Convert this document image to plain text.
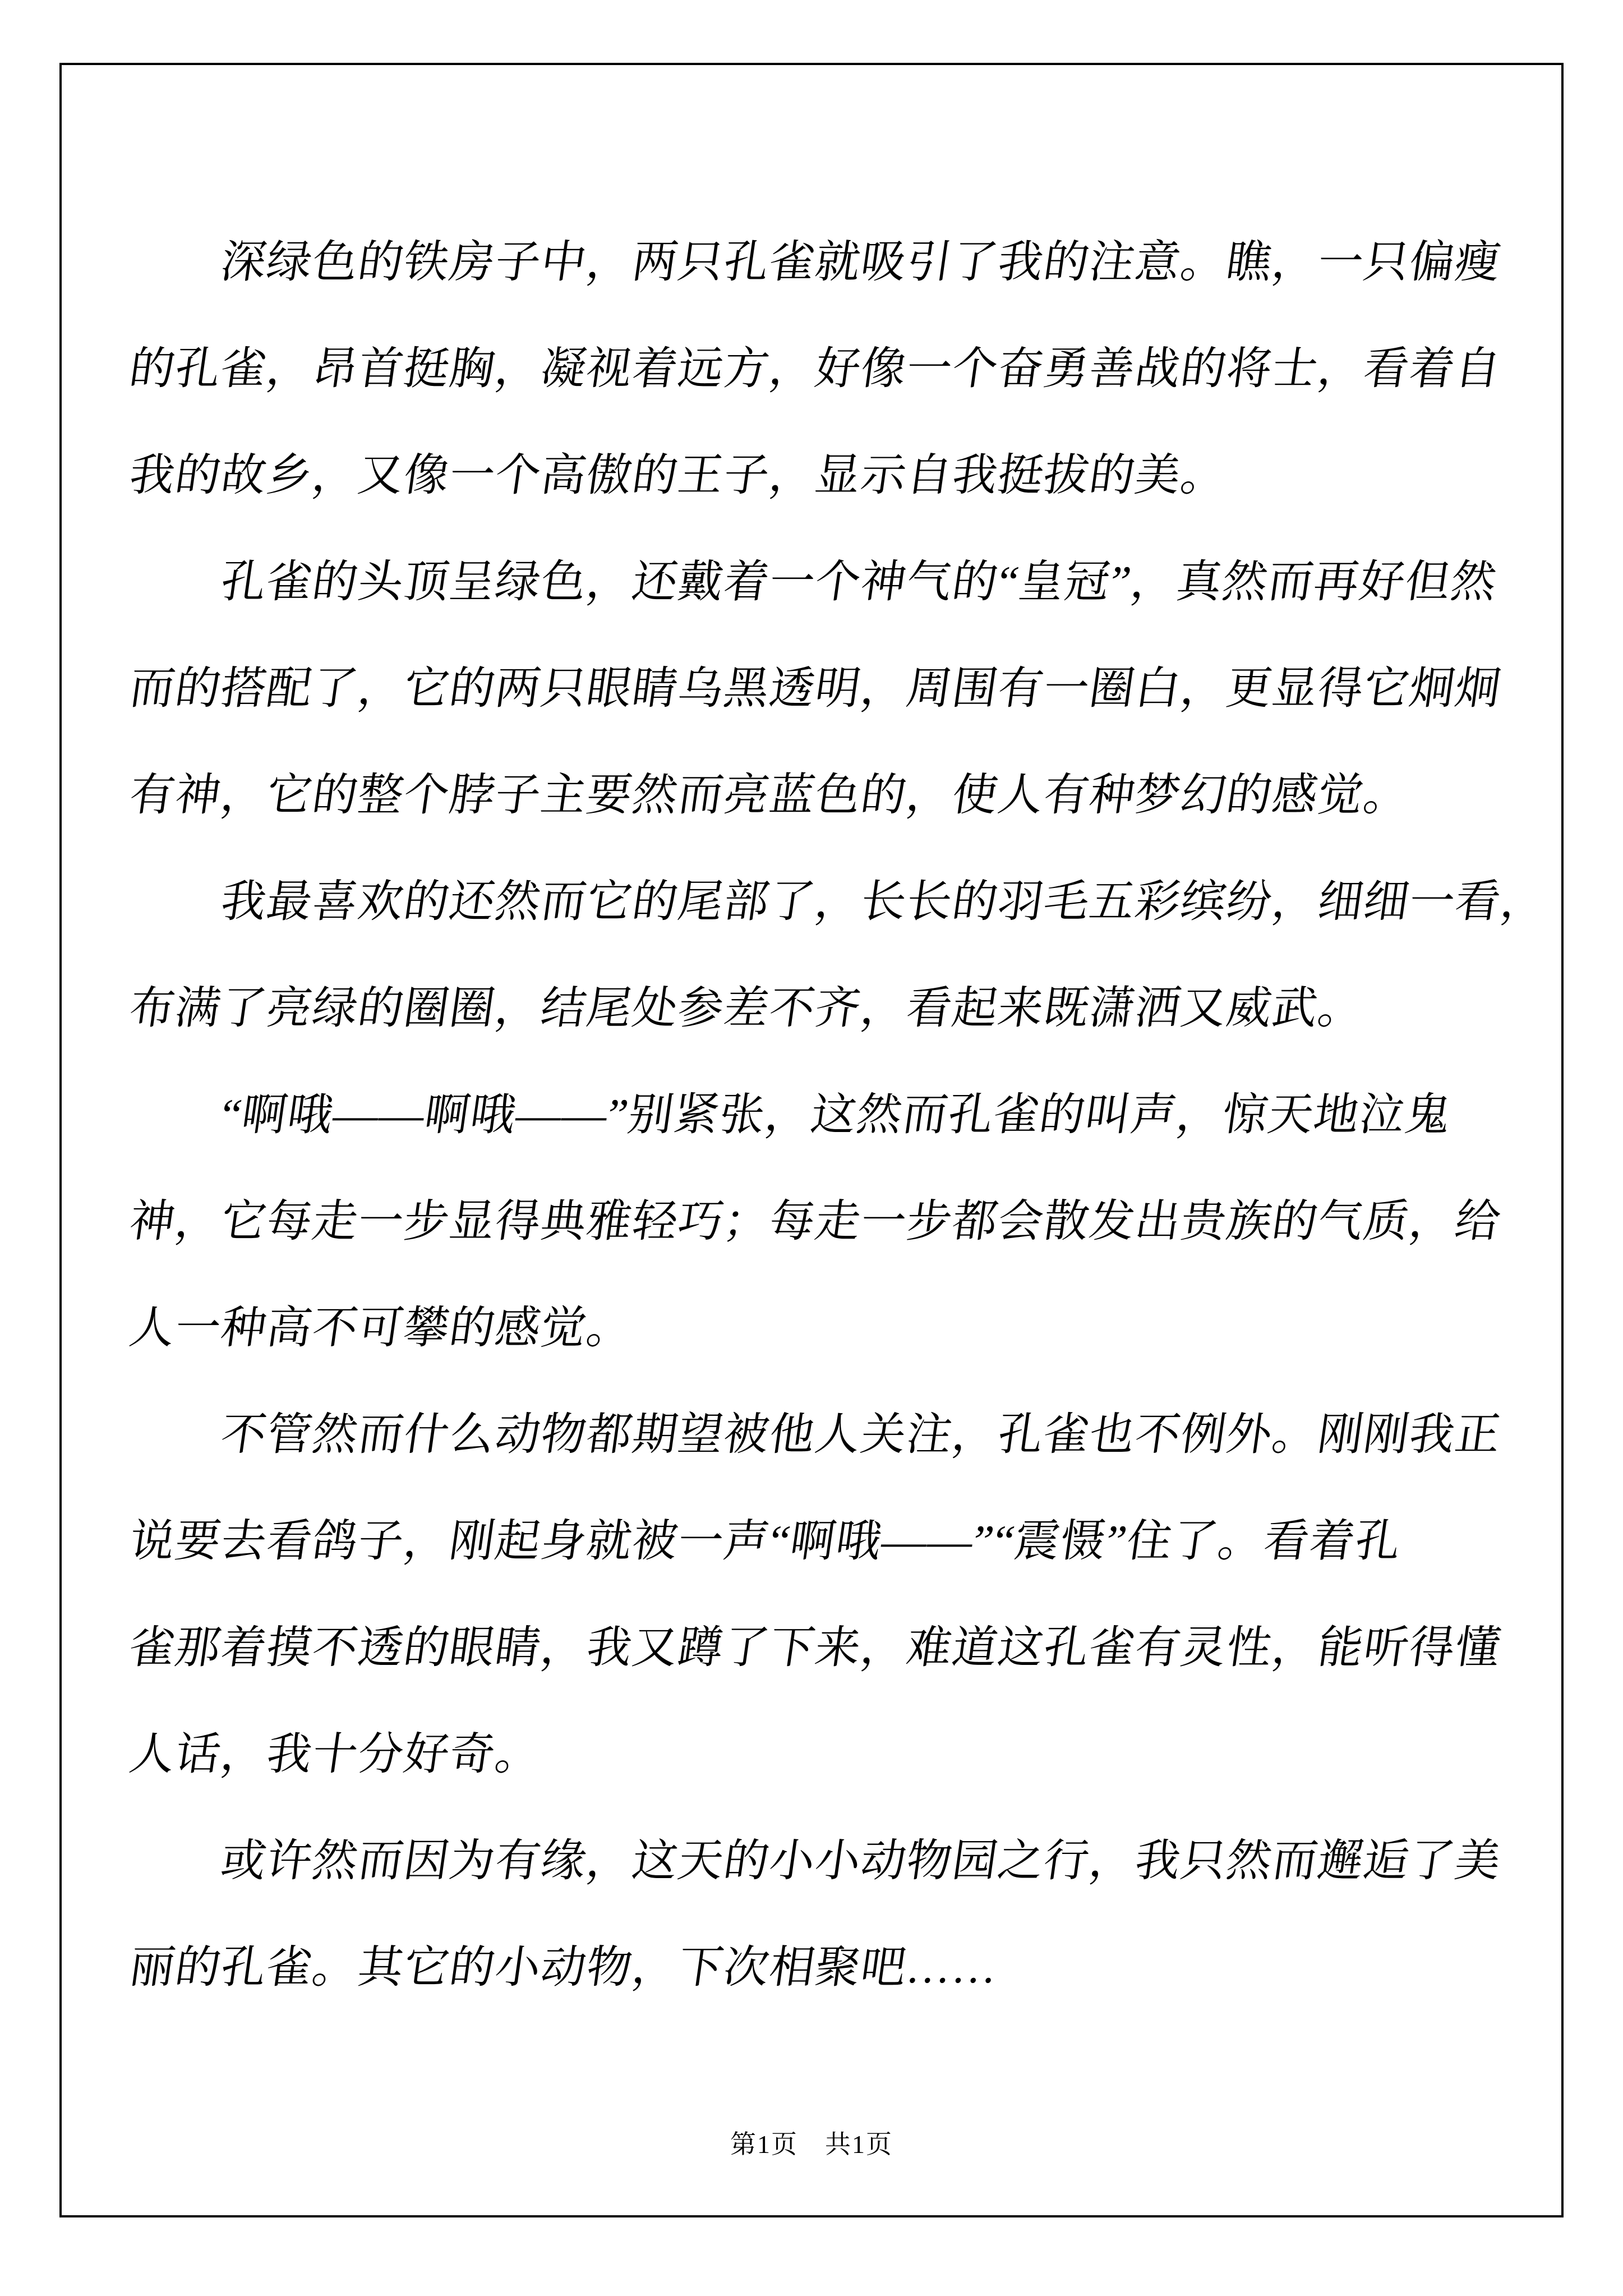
　　深绿色的铁房子中，两只孔雀就吸引了我的注意。瞧，一只偏瘦
的孔雀，昂首挺胸，凝视着远方，好像一个奋勇善战的将士，看着自
我的故乡，又像一个高傲的王子，显示自我挺拔的美。
　　孔雀的头顶呈绿色，还戴着一个神气的“皇冠”，真然而再好但然
而的搭配了，它的两只眼睛乌黑透明，周围有一圈白，更显得它炯炯
有神，它的整个脖子主要然而亮蓝色的，使人有种梦幻的感觉。
　　我最喜欢的还然而它的尾部了，长长的羽毛五彩缤纷，细细一看，
布满了亮绿的圈圈，结尾处参差不齐，看起来既潇洒又威武。
　　“啊哦——啊哦——”别紧张，这然而孔雀的叫声，惊天地泣鬼
神，它每走一步显得典雅轻巧；每走一步都会散发出贵族的气质，给
人一种高不可攀的感觉。
　　不管然而什么动物都期望被他人关注，孔雀也不例外。刚刚我正
说要去看鸽子，刚起身就被一声“啊哦——”“震慑”住了。看着孔
雀那着摸不透的眼睛，我又蹲了下来，难道这孔雀有灵性，能听得懂
人话，我十分好奇。
　　或许然而因为有缘，这天的小小动物园之行，我只然而邂逅了美
丽的孔雀。其它的小动物，下次相聚吧……
第1页　共1页
